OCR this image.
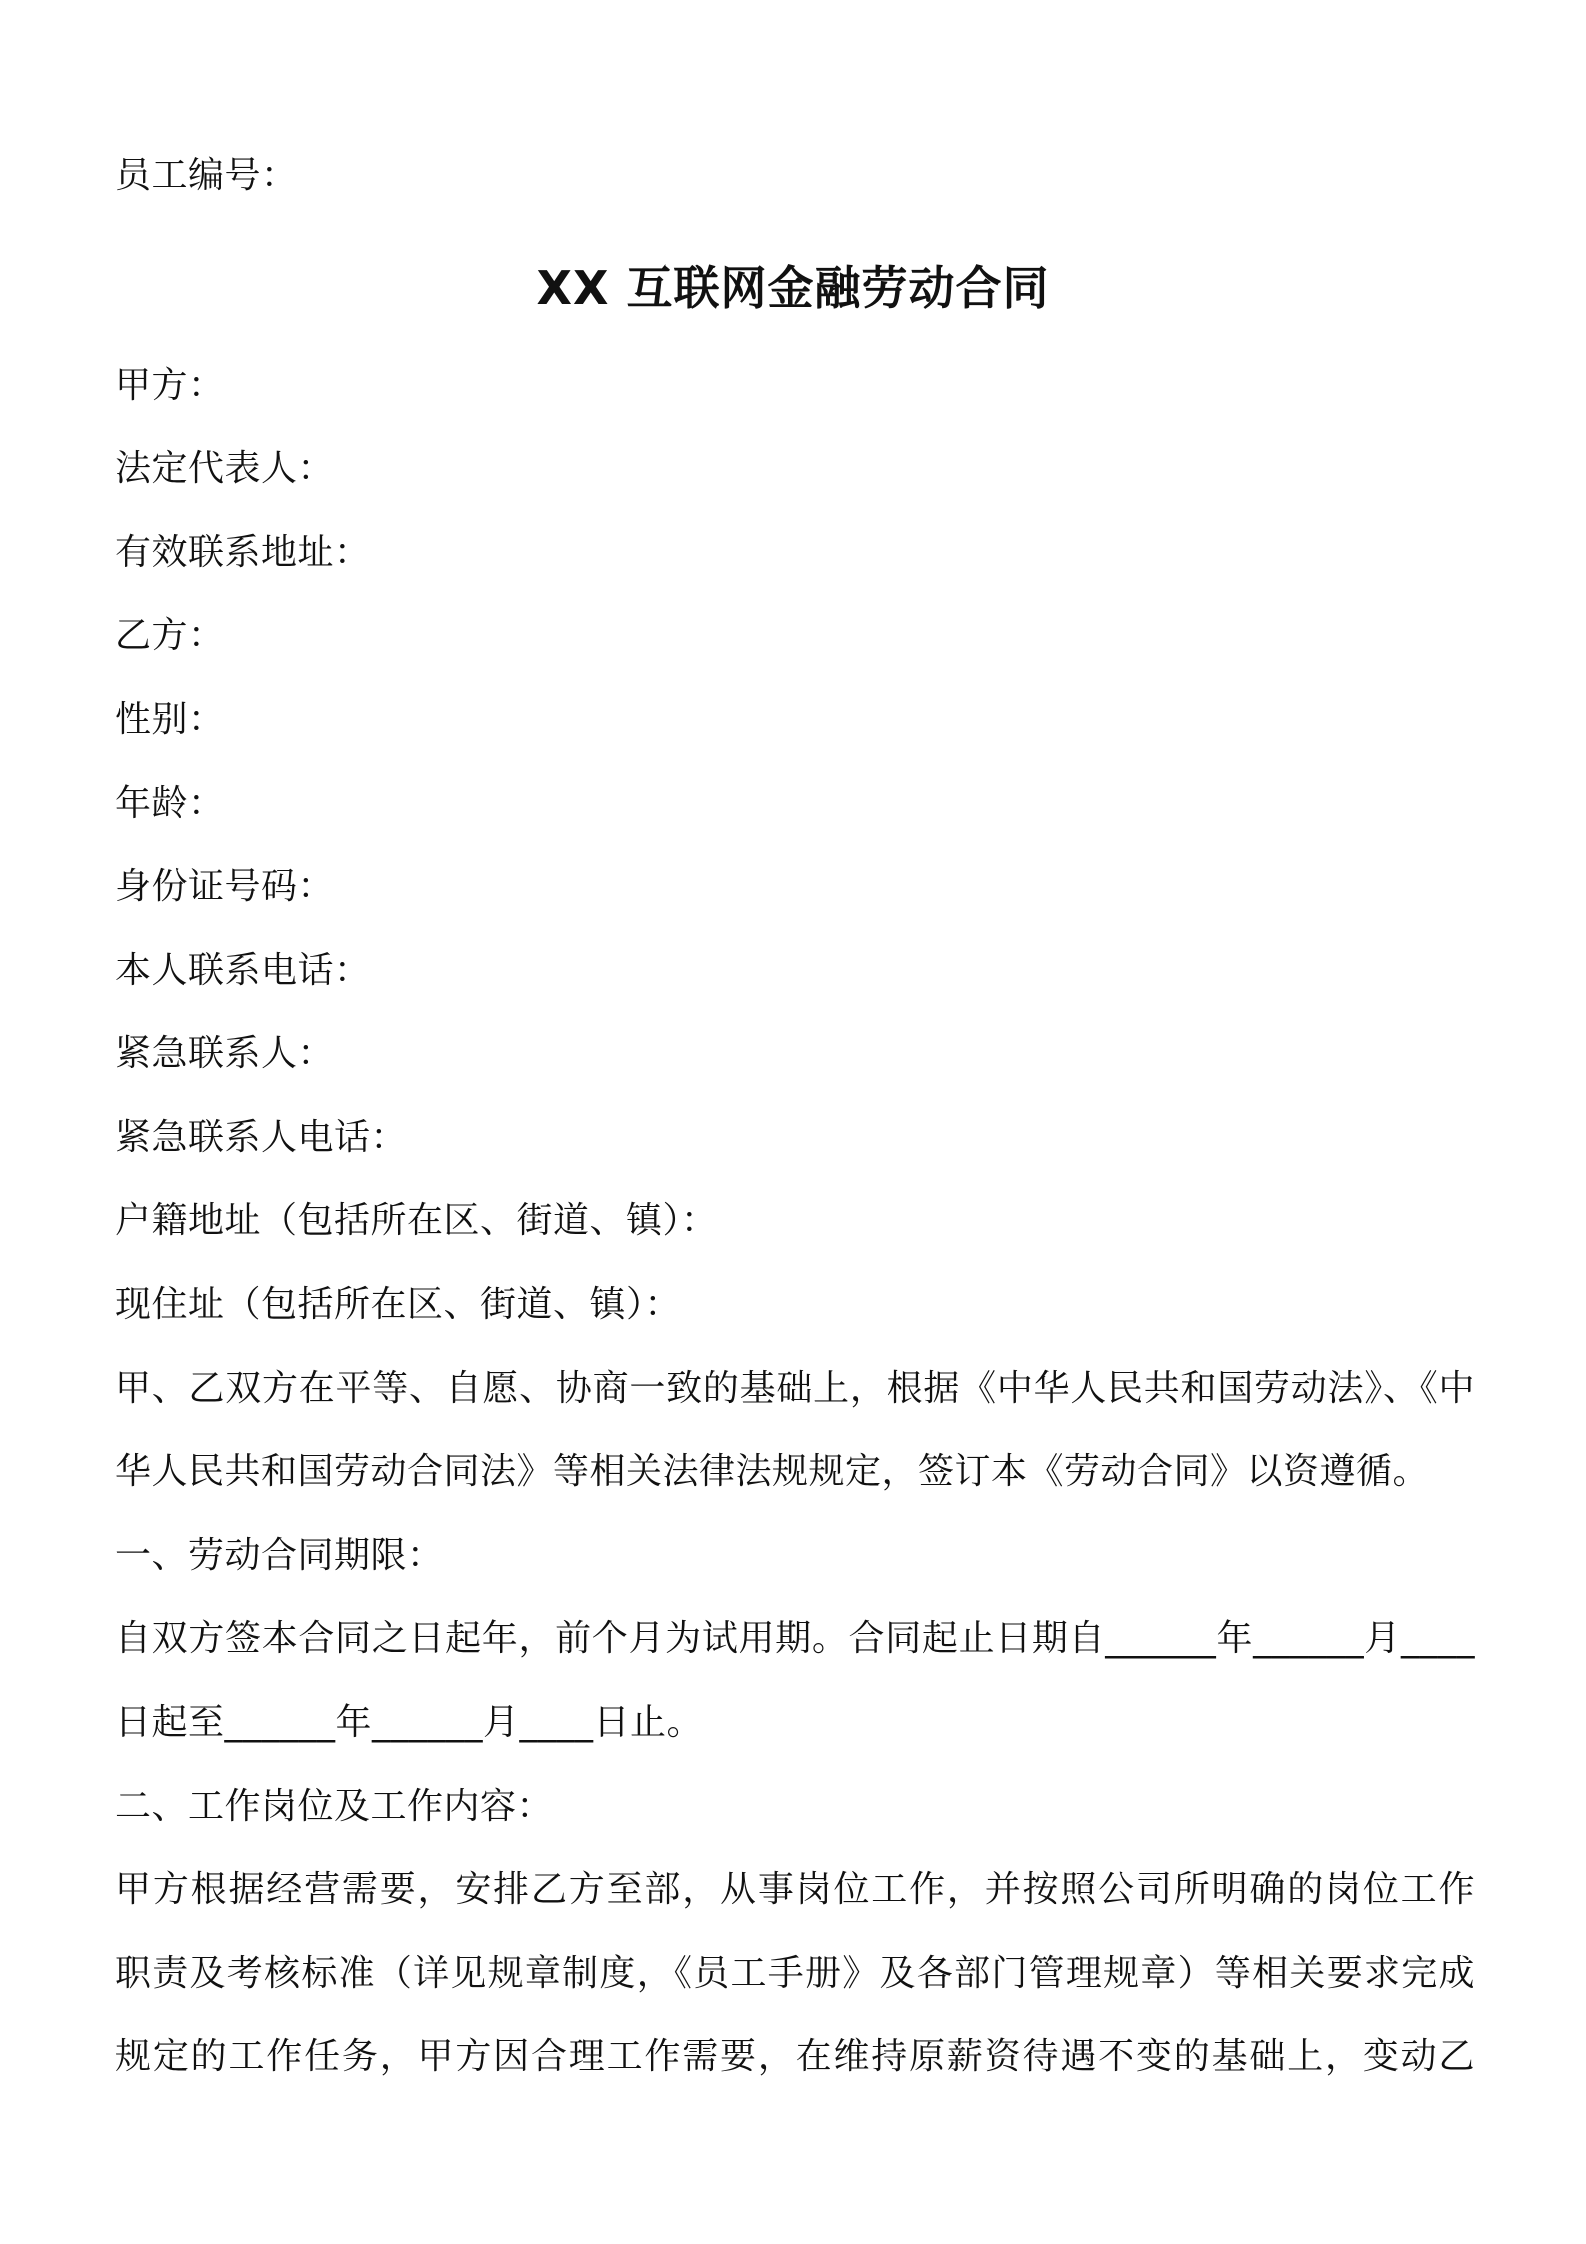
员工编号：
XX 互联网金融劳动合同
甲方：
法定代表人：
有效联系地址：
乙方：
性别：
年龄：
身份证号码：
本人联系电话：
紧急联系人：
紧急联系人电话：
户籍地址（包括所在区、街道、镇）：
现住址（包括所在区、街道、镇）：
甲、乙双方在平等、自愿、协商一致的基础上，根据《中华人民共和国劳动法》、《中
华人民共和国劳动合同法》等相关法律法规规定，签订本《劳动合同》以资遵循。
一、劳动合同期限：
自双方签本合同之日起年，前个月为试用期。合同起止日期自______年______月____
日起至______年______月____日止。
二、工作岗位及工作内容：
甲方根据经营需要，安排乙方至部，从事岗位工作，并按照公司所明确的岗位工作
职责及考核标准（详见规章制度，《员工手册》及各部门管理规章）等相关要求完成
规定的工作任务，甲方因合理工作需要，在维持原薪资待遇不变的基础上，变动乙
